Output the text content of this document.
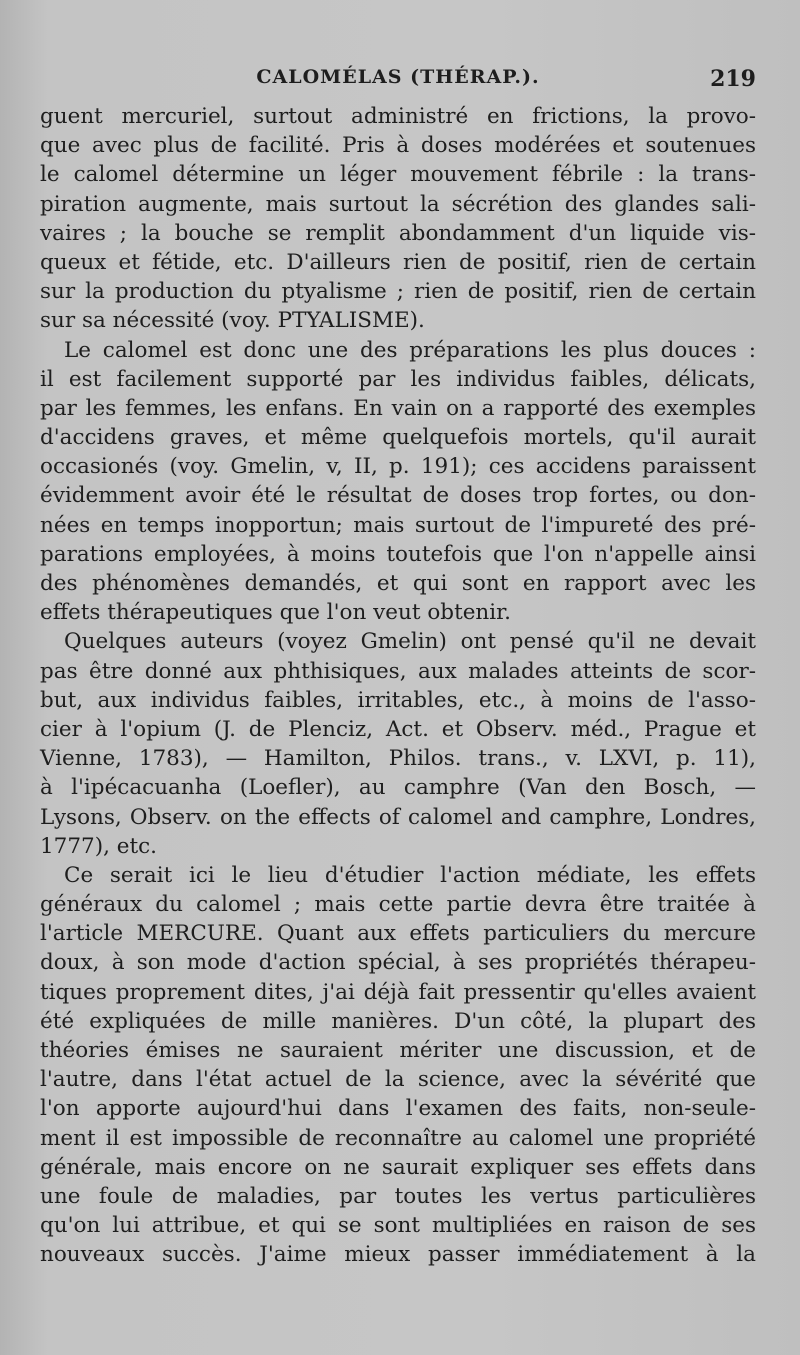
CALOMÉLAS (THÉRAP.).	219
guent mercuriel, surtout administré en frictions, la provo-
que avec plus de facilité. Pris à doses modérées et soutenues
le calomel détermine un léger mouvement fébrile : la trans-
piration augmente, mais surtout la sécrétion des glandes sali-
vaires ; la bouche se remplit abondamment d'un liquide vis-
queux et fétide, etc. D'ailleurs rien de positif, rien de certain
sur la production du ptyalisme ; rien de positif, rien de certain
sur sa nécessité (voy. PTYALISME).
Le calomel est donc une des préparations les plus douces :
il est facilement supporté par les individus faibles, délicats,
par les femmes, les enfans. En vain on a rapporté des exemples
d'accidens graves, et même quelquefois mortels, qu'il aurait
occasionés (voy. Gmelin, v, II, p. 191); ces accidens paraissent
évidemment avoir été le résultat de doses trop fortes, ou don-
nées en temps inopportun; mais surtout de l'impureté des pré-
parations employées, à moins toutefois que l'on n'appelle ainsi
des phénomènes demandés, et qui sont en rapport avec les
effets thérapeutiques que l'on veut obtenir.
Quelques auteurs (voyez Gmelin) ont pensé qu'il ne devait
pas être donné aux phthisiques, aux malades atteints de scor-
but, aux individus faibles, irritables, etc., à moins de l'asso-
cier à l'opium (J. de Plenciz, Act. et Observ. méd., Prague et
Vienne, 1783), — Hamilton, Philos. trans., v. LXVI, p. 11),
à l'ipécacuanha (Loefler), au camphre (Van den Bosch, —
Lysons, Observ. on the effects of calomel and camphre, Londres,
1777), etc.
Ce serait ici le lieu d'étudier l'action médiate, les effets
généraux du calomel ; mais cette partie devra être traitée à
l'article MERCURE. Quant aux effets particuliers du mercure
doux, à son mode d'action spécial, à ses propriétés thérapeu-
tiques proprement dites, j'ai déjà fait pressentir qu'elles avaient
été expliquées de mille manières. D'un côté, la plupart des
théories émises ne sauraient mériter une discussion, et de
l'autre, dans l'état actuel de la science, avec la sévérité que
l'on apporte aujourd'hui dans l'examen des faits, non-seule-
ment il est impossible de reconnaître au calomel une propriété
générale, mais encore on ne saurait expliquer ses effets dans
une foule de maladies, par toutes les vertus particulières
qu'on lui attribue, et qui se sont multipliées en raison de ses
nouveaux succès. J'aime mieux passer immédiatement à la
